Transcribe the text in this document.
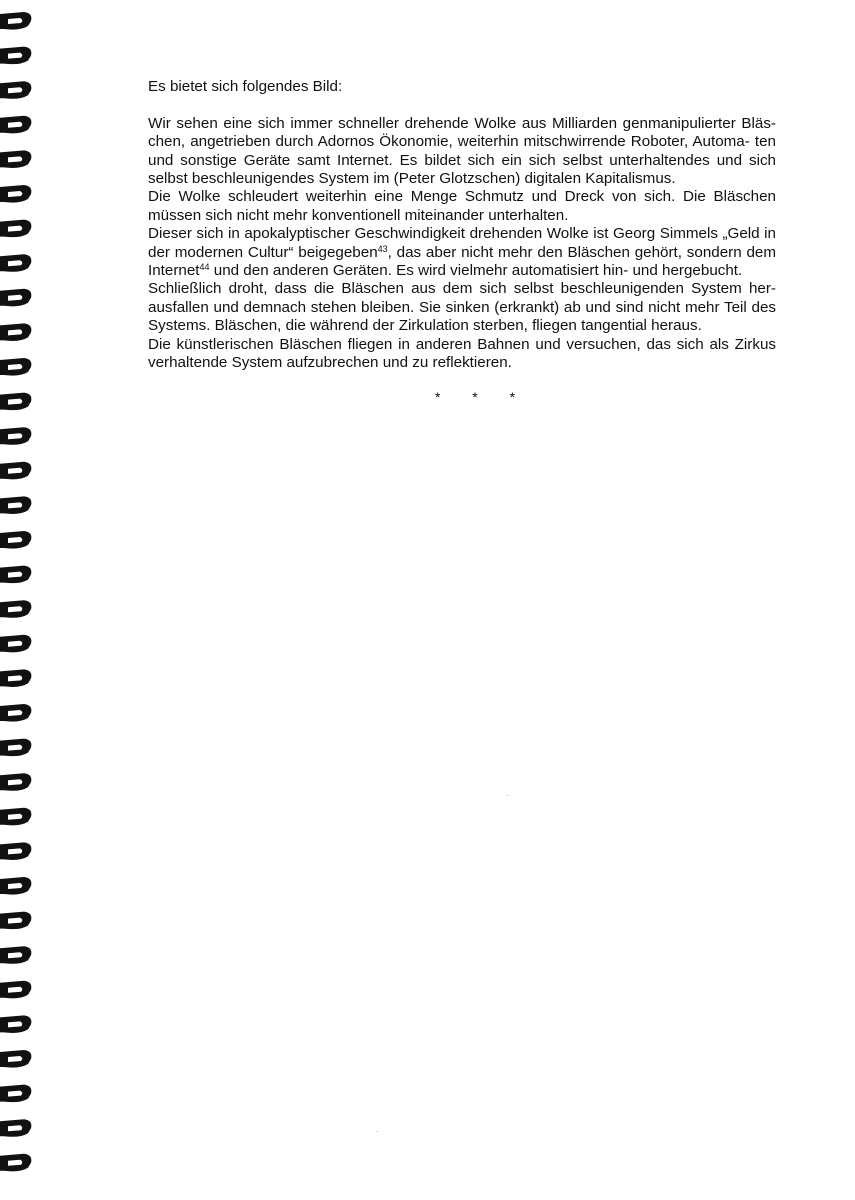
Es bietet sich folgendes Bild:

Wir sehen eine sich immer schneller drehende Wolke aus Milliarden genmanipulierter Bläs- chen, angetrieben durch Adornos Ökonomie, weiterhin mitschwirrende Roboter, Automa- ten und sonstige Geräte samt Internet. Es bildet sich ein sich selbst unterhaltendes und sich selbst beschleunigendes System im (Peter Glotzschen) digitalen Kapitalismus.

Die Wolke schleudert weiterhin eine Menge Schmutz und Dreck von sich. Die Bläschen müssen sich nicht mehr konventionell miteinander unterhalten.

Dieser sich in apokalyptischer Geschwindigkeit drehenden Wolke ist Georg Simmels „Geld in der modernen Cultur“ beigegeben$^{43}$, das aber nicht mehr den Bläschen gehört, sondern dem Internet$^{44}$ und den anderen Geräten. Es wird vielmehr automatisiert hin- und hergebucht.

Schließlich droht, dass die Bläschen aus dem sich selbst beschleunigenden System her- ausfallen und demnach stehen bleiben. Sie sinken (erkrankt) ab und sind nicht mehr Teil des Systems. Bläschen, die während der Zirkulation sterben, fliegen tangential heraus.

Die künstlerischen Bläschen fliegen in anderen Bahnen und versuchen, das sich als Zirkus verhaltende System aufzubrechen und zu reflektieren.

* * *

·
·
